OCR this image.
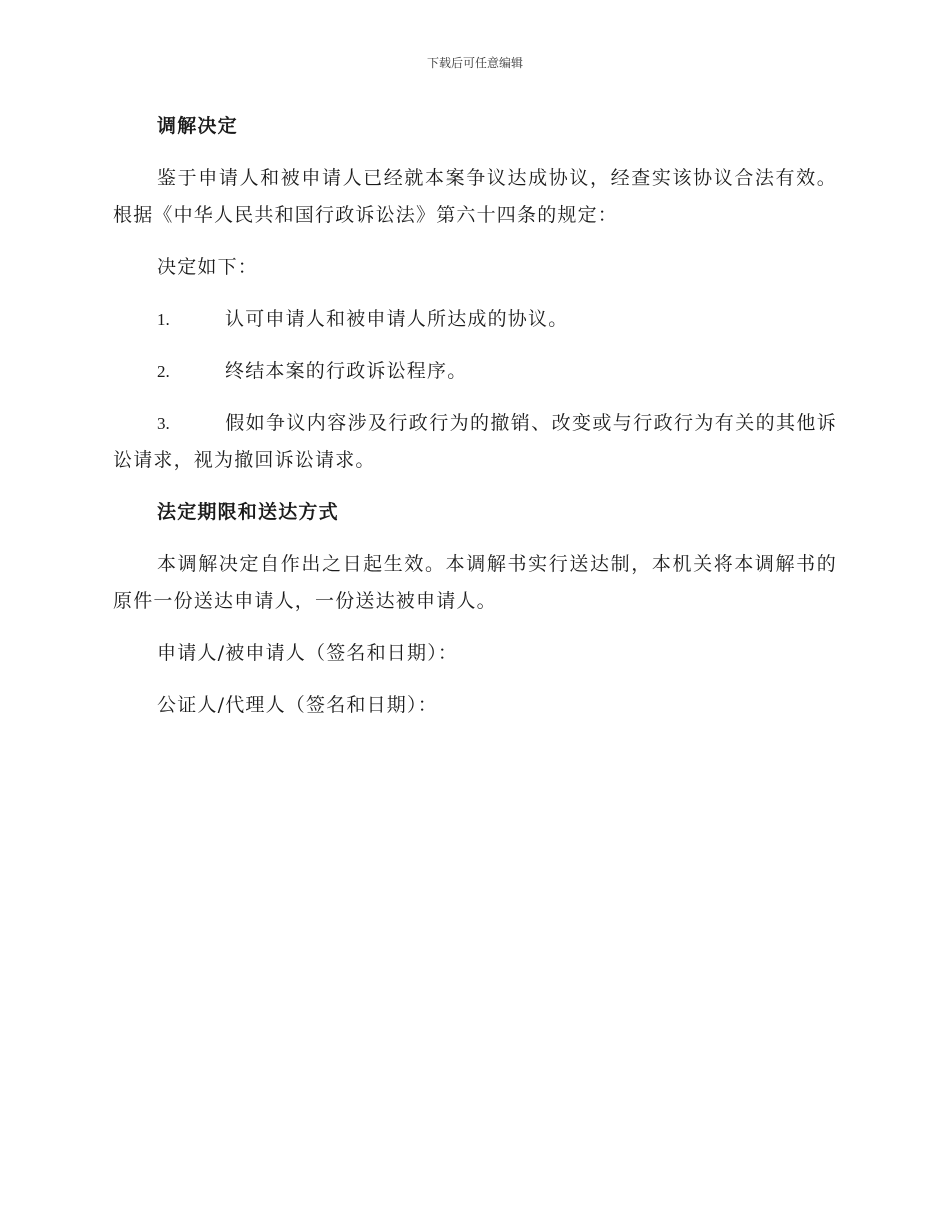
下载后可任意编辑

调解决定

鉴于申请人和被申请人已经就本案争议达成协议，经查实该协议合法有效。根据《中华人民共和国行政诉讼法》第六十四条的规定：

决定如下：

1.	认可申请人和被申请人所达成的协议。

2.	终结本案的行政诉讼程序。

3.	假如争议内容涉及行政行为的撤销、改变或与行政行为有关的其他诉讼请求，视为撤回诉讼请求。

法定期限和送达方式

本调解决定自作出之日起生效。本调解书实行送达制，本机关将本调解书的原件一份送达申请人，一份送达被申请人。

申请人/被申请人（签名和日期）：

公证人/代理人（签名和日期）：
